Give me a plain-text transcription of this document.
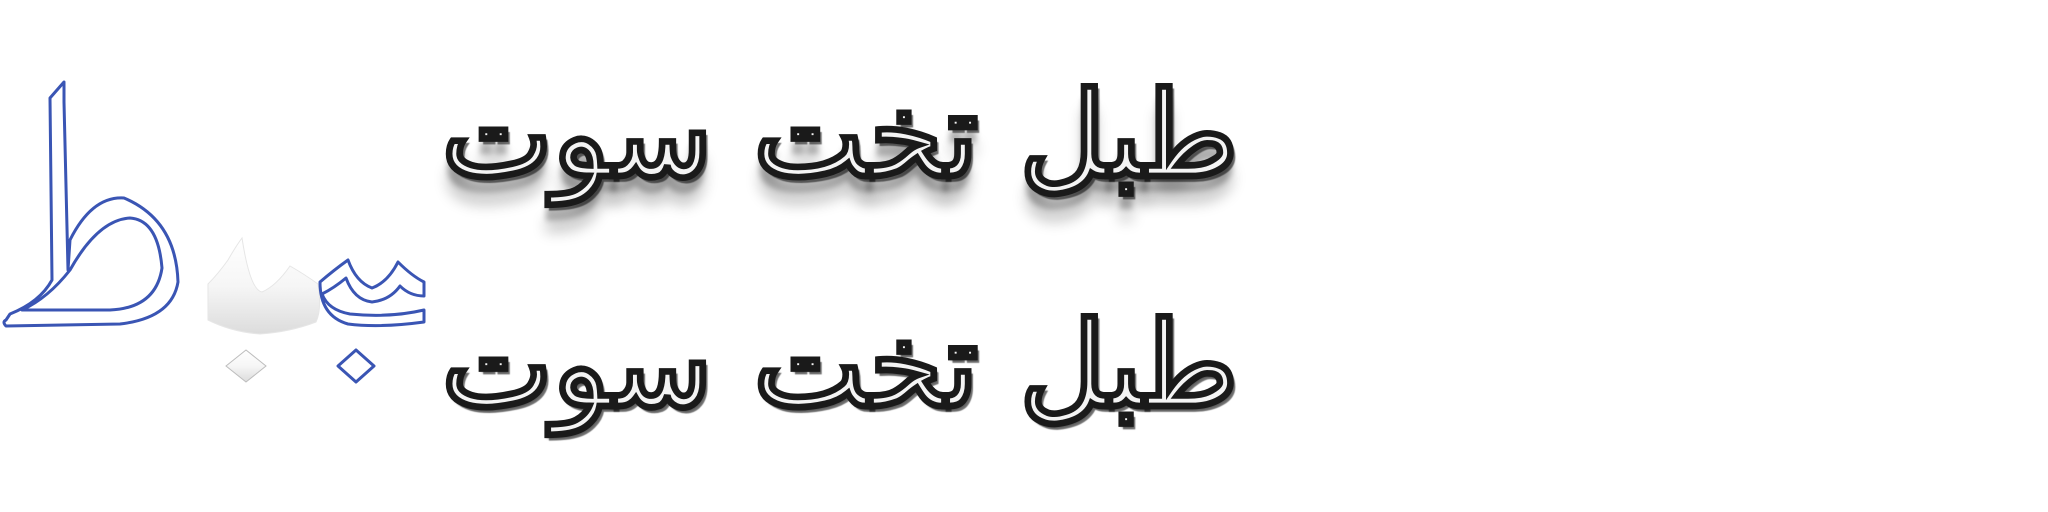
طبل تخت سوت
طبل تخت سوت
